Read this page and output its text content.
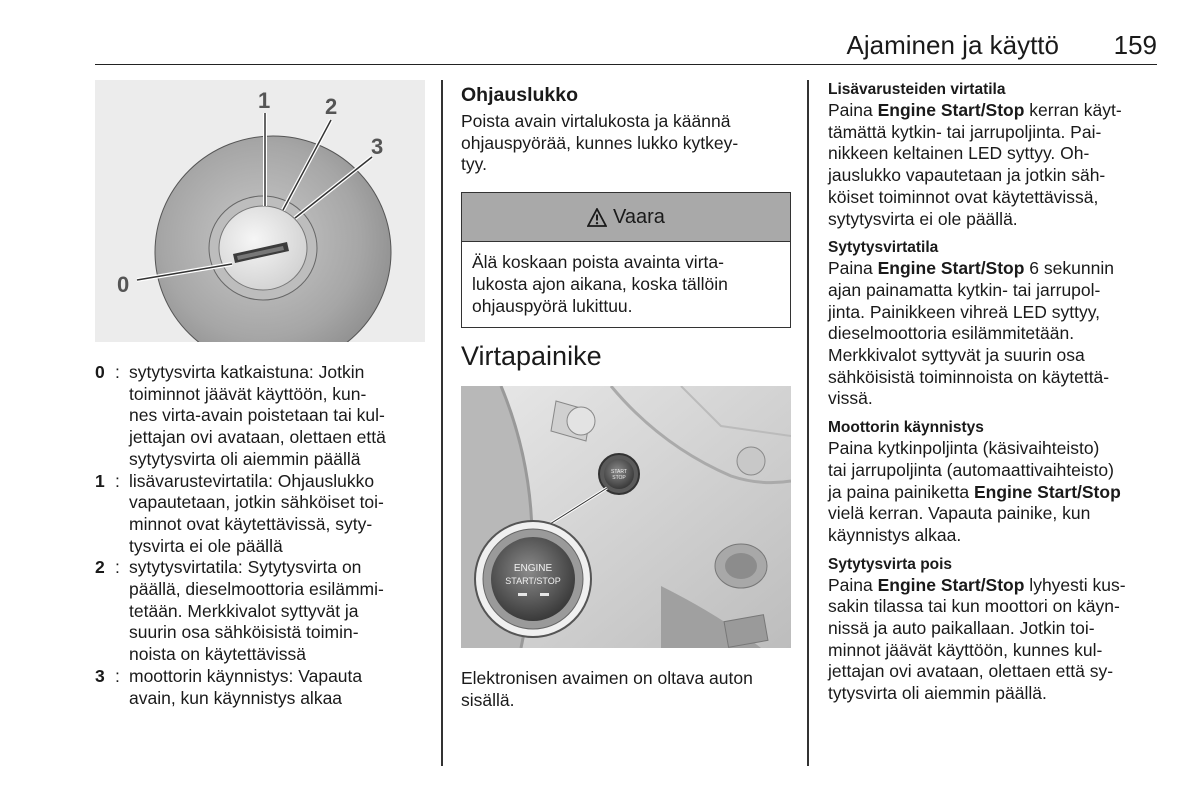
Ajaminen ja käyttö 159
1 2
3
0
0 : sytytysvirta katkaistuna: Jotkin
toiminnot jäävät käyttöön, kun-
nes virta-avain poistetaan tai kul-
jettajan ovi avataan, olettaen että
sytytysvirta oli aiemmin päällä
1 : lisävarustevirtatila: Ohjauslukko
vapautetaan, jotkin sähköiset toi-
minnot ovat käytettävissä, syty-
tysvirta ei ole päällä
2 : sytytysvirtatila: Sytytysvirta on
päällä, dieselmoottoria esilämmi-
tetään. Merkkivalot syttyvät ja
suurin osa sähköisistä toimin-
noista on käytettävissä
3 : moottorin käynnistys: Vapauta
avain, kun käynnistys alkaa
Ohjauslukko
Poista avain virtalukosta ja käännä
ohjauspyörää, kunnes lukko kytkey-
tyy.
Vaara
Älä koskaan poista avainta virta-
lukosta ajon aikana, koska tällöin
ohjauspyörä lukittuu.
Virtapainike
START
STOP
ENGINE
START/STOP
Elektronisen avaimen on oltava auton
sisällä.
Lisävarusteiden virtatila
Paina Engine Start/Stop kerran käyt-
tämättä kytkin- tai jarrupoljinta. Pai-
nikkeen keltainen LED syttyy. Oh-
jauslukko vapautetaan ja jotkin säh-
köiset toiminnot ovat käytettävissä,
sytytysvirta ei ole päällä.
Sytytysvirtatila
Paina Engine Start/Stop 6 sekunnin
ajan painamatta kytkin- tai jarrupol-
jinta. Painikkeen vihreä LED syttyy,
dieselmoottoria esilämmitetään.
Merkkivalot syttyvät ja suurin osa
sähköisistä toiminnoista on käytettä-
vissä.
Moottorin käynnistys
Paina kytkinpoljinta (käsivaihteisto)
tai jarrupoljinta (automaattivaihteisto)
ja paina painiketta Engine Start/Stop
vielä kerran. Vapauta painike, kun
käynnistys alkaa.
Sytytysvirta pois
Paina Engine Start/Stop lyhyesti kus-
sakin tilassa tai kun moottori on käyn-
nissä ja auto paikallaan. Jotkin toi-
minnot jäävät käyttöön, kunnes kul-
jettajan ovi avataan, olettaen että sy-
tytysvirta oli aiemmin päällä.
